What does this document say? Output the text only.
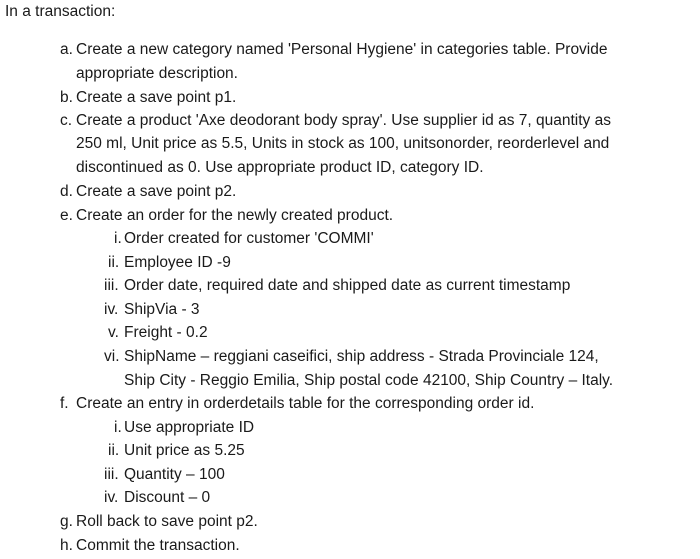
In a transaction:
a. Create a new category named 'Personal Hygiene' in categories table. Provide
appropriate description.
b. Create a save point p1.
c. Create a product 'Axe deodorant body spray'. Use supplier id as 7, quantity as
250 ml, Unit price as 5.5, Units in stock as 100, unitsonorder, reorderlevel and
discontinued as 0. Use appropriate product ID, category ID.
d. Create a save point p2.
e. Create an order for the newly created product.
i. Order created for customer 'COMMI'
ii. Employee ID -9
iii. Order date, required date and shipped date as current timestamp
iv. ShipVia - 3
v. Freight - 0.2
vi. ShipName – reggiani caseifici, ship address - Strada Provinciale 124,
Ship City - Reggio Emilia, Ship postal code 42100, Ship Country – Italy.
f. Create an entry in orderdetails table for the corresponding order id.
i. Use appropriate ID
ii. Unit price as 5.25
iii. Quantity – 100
iv. Discount – 0
g. Roll back to save point p2.
h. Commit the transaction.
